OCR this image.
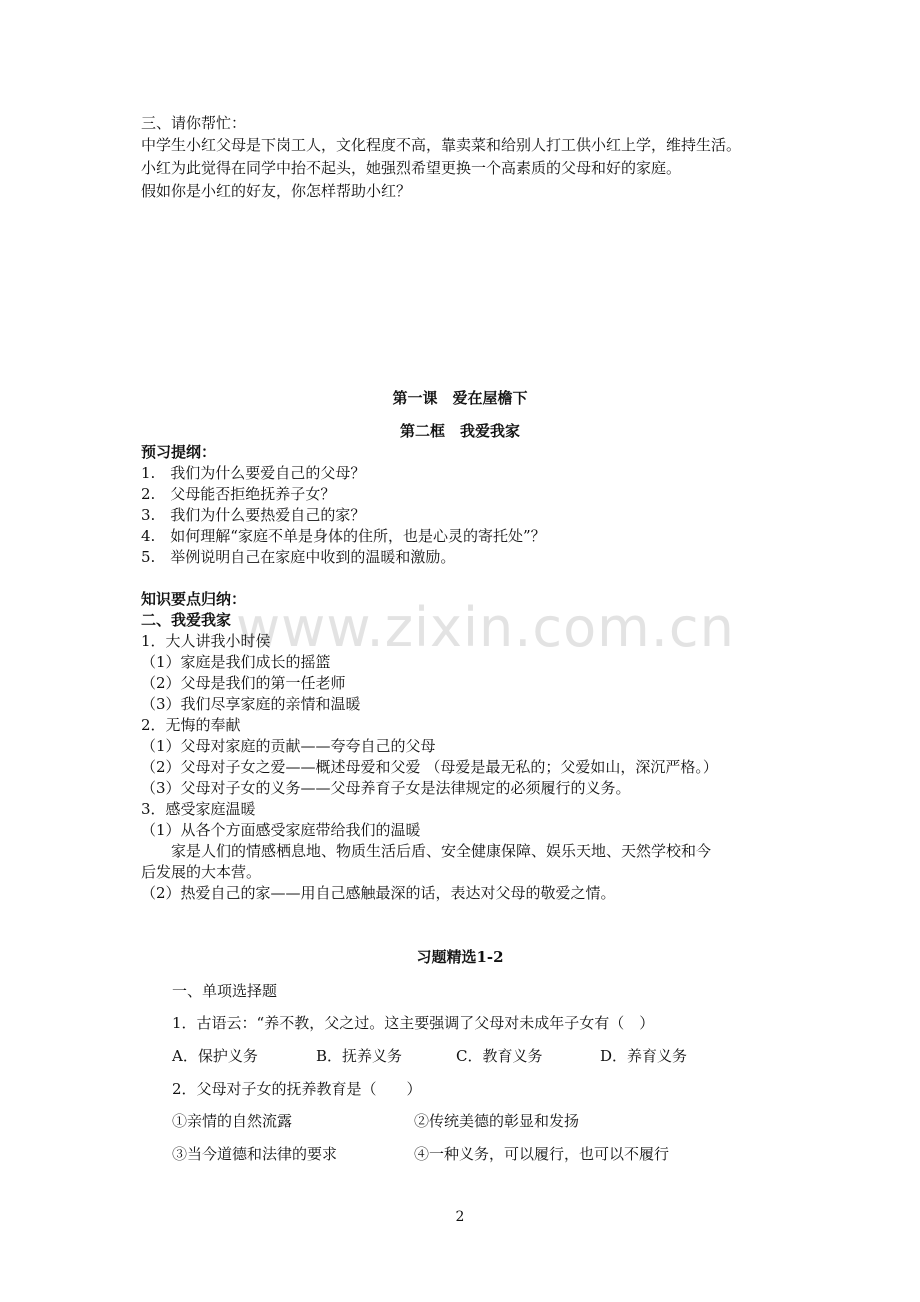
www.zixin.com.cn
三、请你帮忙：
中学生小红父母是下岗工人，文化程度不高，靠卖菜和给别人打工供小红上学，维持生活。
小红为此觉得在同学中抬不起头，她强烈希望更换一个高素质的父母和好的家庭。
假如你是小红的好友，你怎样帮助小红？
第一课　爱在屋檐下
第二框　我爱我家
预习提纲：
1.　我们为什么要爱自己的父母？
2.　父母能否拒绝抚养子女？
3.　我们为什么要热爱自己的家？
4.　如何理解“家庭不单是身体的住所，也是心灵的寄托处”？
5.　举例说明自己在家庭中收到的温暖和激励。
知识要点归纳：
二、我爱我家
1．大人讲我小时侯
（1）家庭是我们成长的摇篮
（2）父母是我们的第一任老师
（3）我们尽享家庭的亲情和温暖
2．无悔的奉献
（1）父母对家庭的贡献——夸夸自己的父母
（2）父母对子女之爱——概述母爱和父爱 （母爱是最无私的；父爱如山，深沉严格。）
（3）父母对子女的义务——父母养育子女是法律规定的必须履行的义务。
3．感受家庭温暖
（1）从各个方面感受家庭带给我们的温暖
　　家是人们的情感栖息地、物质生活后盾、安全健康保障、娱乐天地、天然学校和今
后发展的大本营。
（2）热爱自己的家——用自己感触最深的话，表达对父母的敬爱之情。
习题精选1-2
一、单项选择题
1．古语云：“养不教，父之过。这主要强调了父母对未成年子女有（　）
A．保护义务	B．抚养义务	C．教育义务	D．养育义务
2．父母对子女的抚养教育是（　　）
①亲情的自然流露	②传统美德的彰显和发扬
③当今道德和法律的要求	④一种义务，可以履行，也可以不履行
2
